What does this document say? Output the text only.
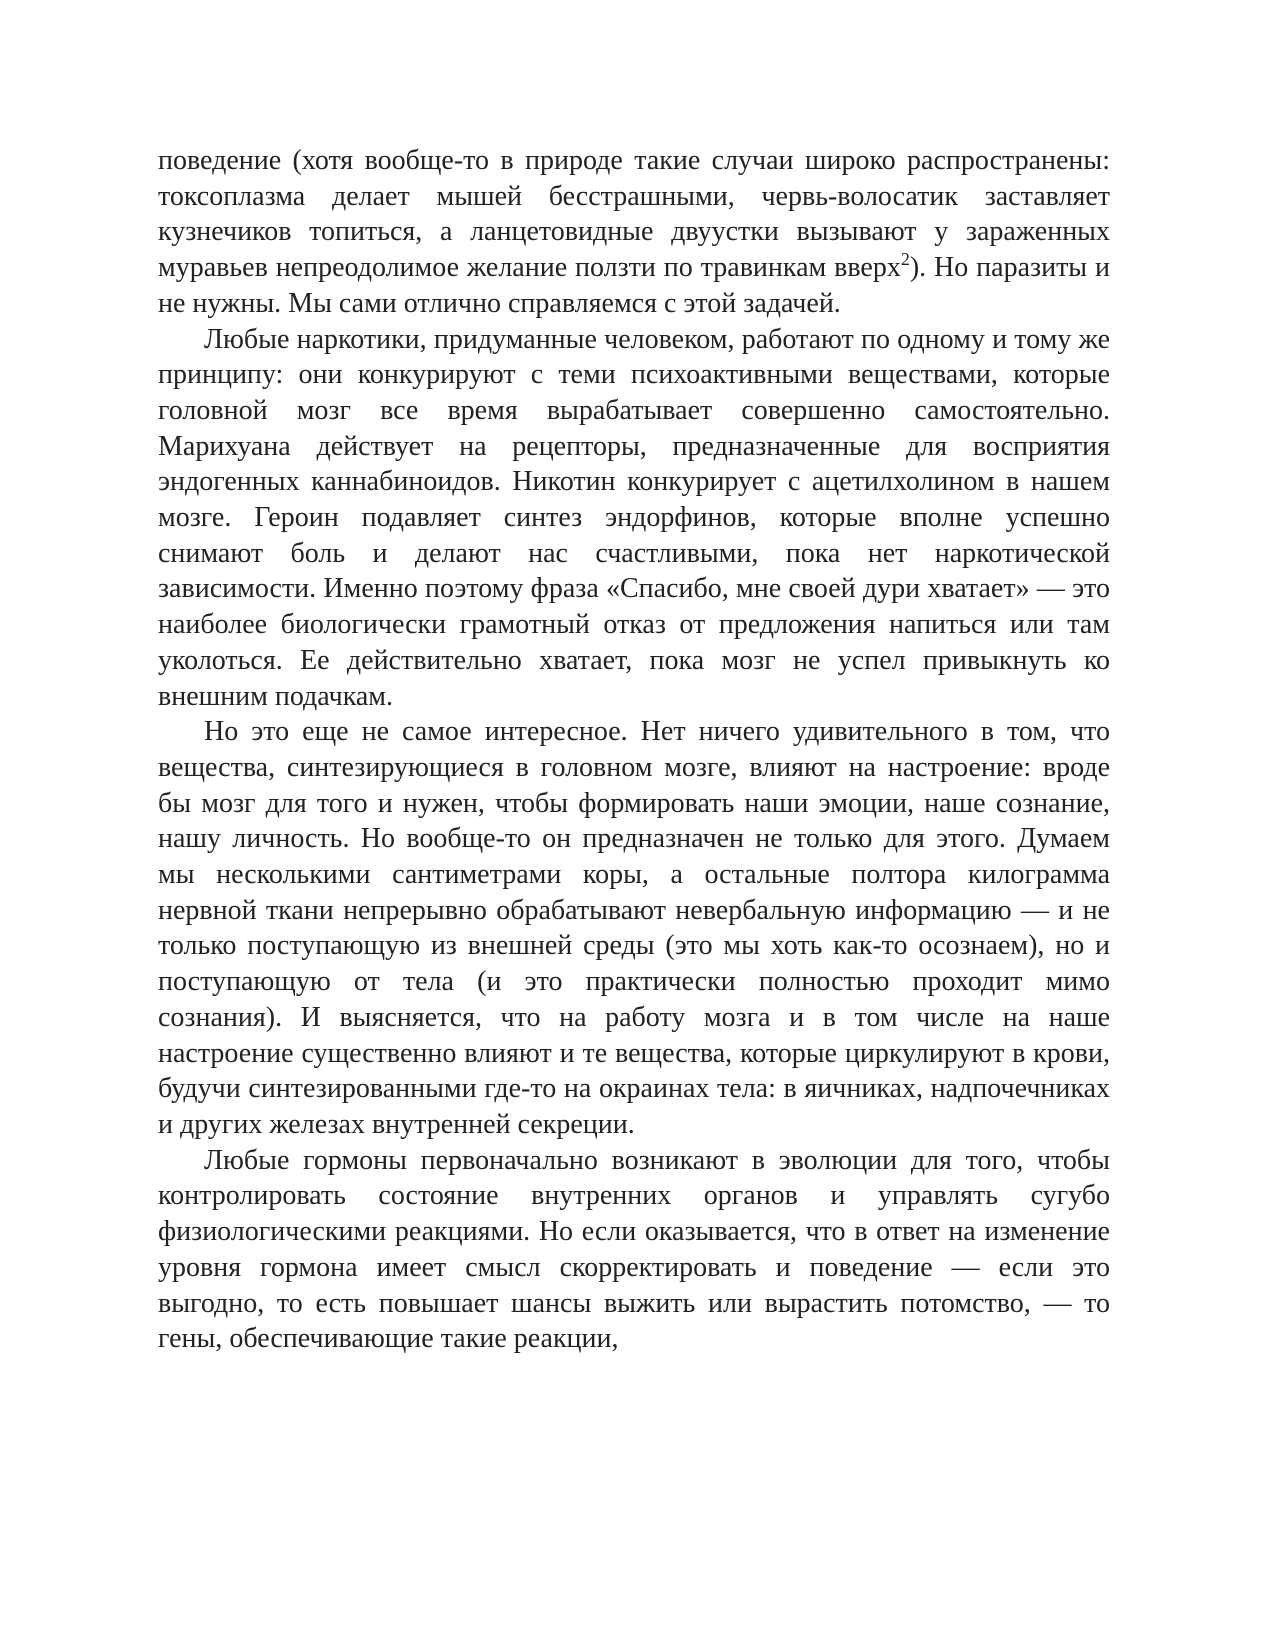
поведение (хотя вообще-то в природе такие случаи широко распространены: токсоплазма делает мышей бесстрашными, червь-волосатик заставляет кузнечиков топиться, а ланцетовидные двуустки вызывают у зараженных муравьев непреодолимое желание ползти по травинкам вверх$^2$). Но паразиты и не нужны. Мы сами отлично справляемся с этой задачей.

Любые наркотики, придуманные человеком, работают по одному и тому же принципу: они конкурируют с теми психоактивными веществами, которые головной мозг все время вырабатывает совершенно самостоятельно. Марихуана действует на рецепторы, предназначенные для восприятия эндогенных каннабиноидов. Никотин конкурирует с ацетилхолином в нашем мозге. Героин подавляет синтез эндорфинов, которые вполне успешно снимают боль и делают нас счастливыми, пока нет наркотической зависимости. Именно поэтому фраза «Спасибо, мне своей дури хватает» — это наиболее биологически грамотный отказ от предложения напиться или там уколоться. Ее действительно хватает, пока мозг не успел привыкнуть ко внешним подачкам.

Но это еще не самое интересное. Нет ничего удивительного в том, что вещества, синтезирующиеся в головном мозге, влияют на настроение: вроде бы мозг для того и нужен, чтобы формировать наши эмоции, наше сознание, нашу личность. Но вообще-то он предназначен не только для этого. Думаем мы несколькими сантиметрами коры, а остальные полтора килограмма нервной ткани непрерывно обрабатывают невербальную информацию — и не только поступающую из внешней среды (это мы хоть как-то осознаем), но и поступающую от тела (и это практически полностью проходит мимо сознания). И выясняется, что на работу мозга и в том числе на наше настроение существенно влияют и те вещества, которые циркулируют в крови, будучи синтезированными где-то на окраинах тела: в яичниках, надпочечниках и других железах внутренней секреции.

Любые гормоны первоначально возникают в эволюции для того, чтобы контролировать состояние внутренних органов и управлять сугубо физиологическими реакциями. Но если оказывается, что в ответ на изменение уровня гормона имеет смысл скорректировать и поведение — если это выгодно, то есть повышает шансы выжить или вырастить потомство, — то гены, обеспечивающие такие реакции,
